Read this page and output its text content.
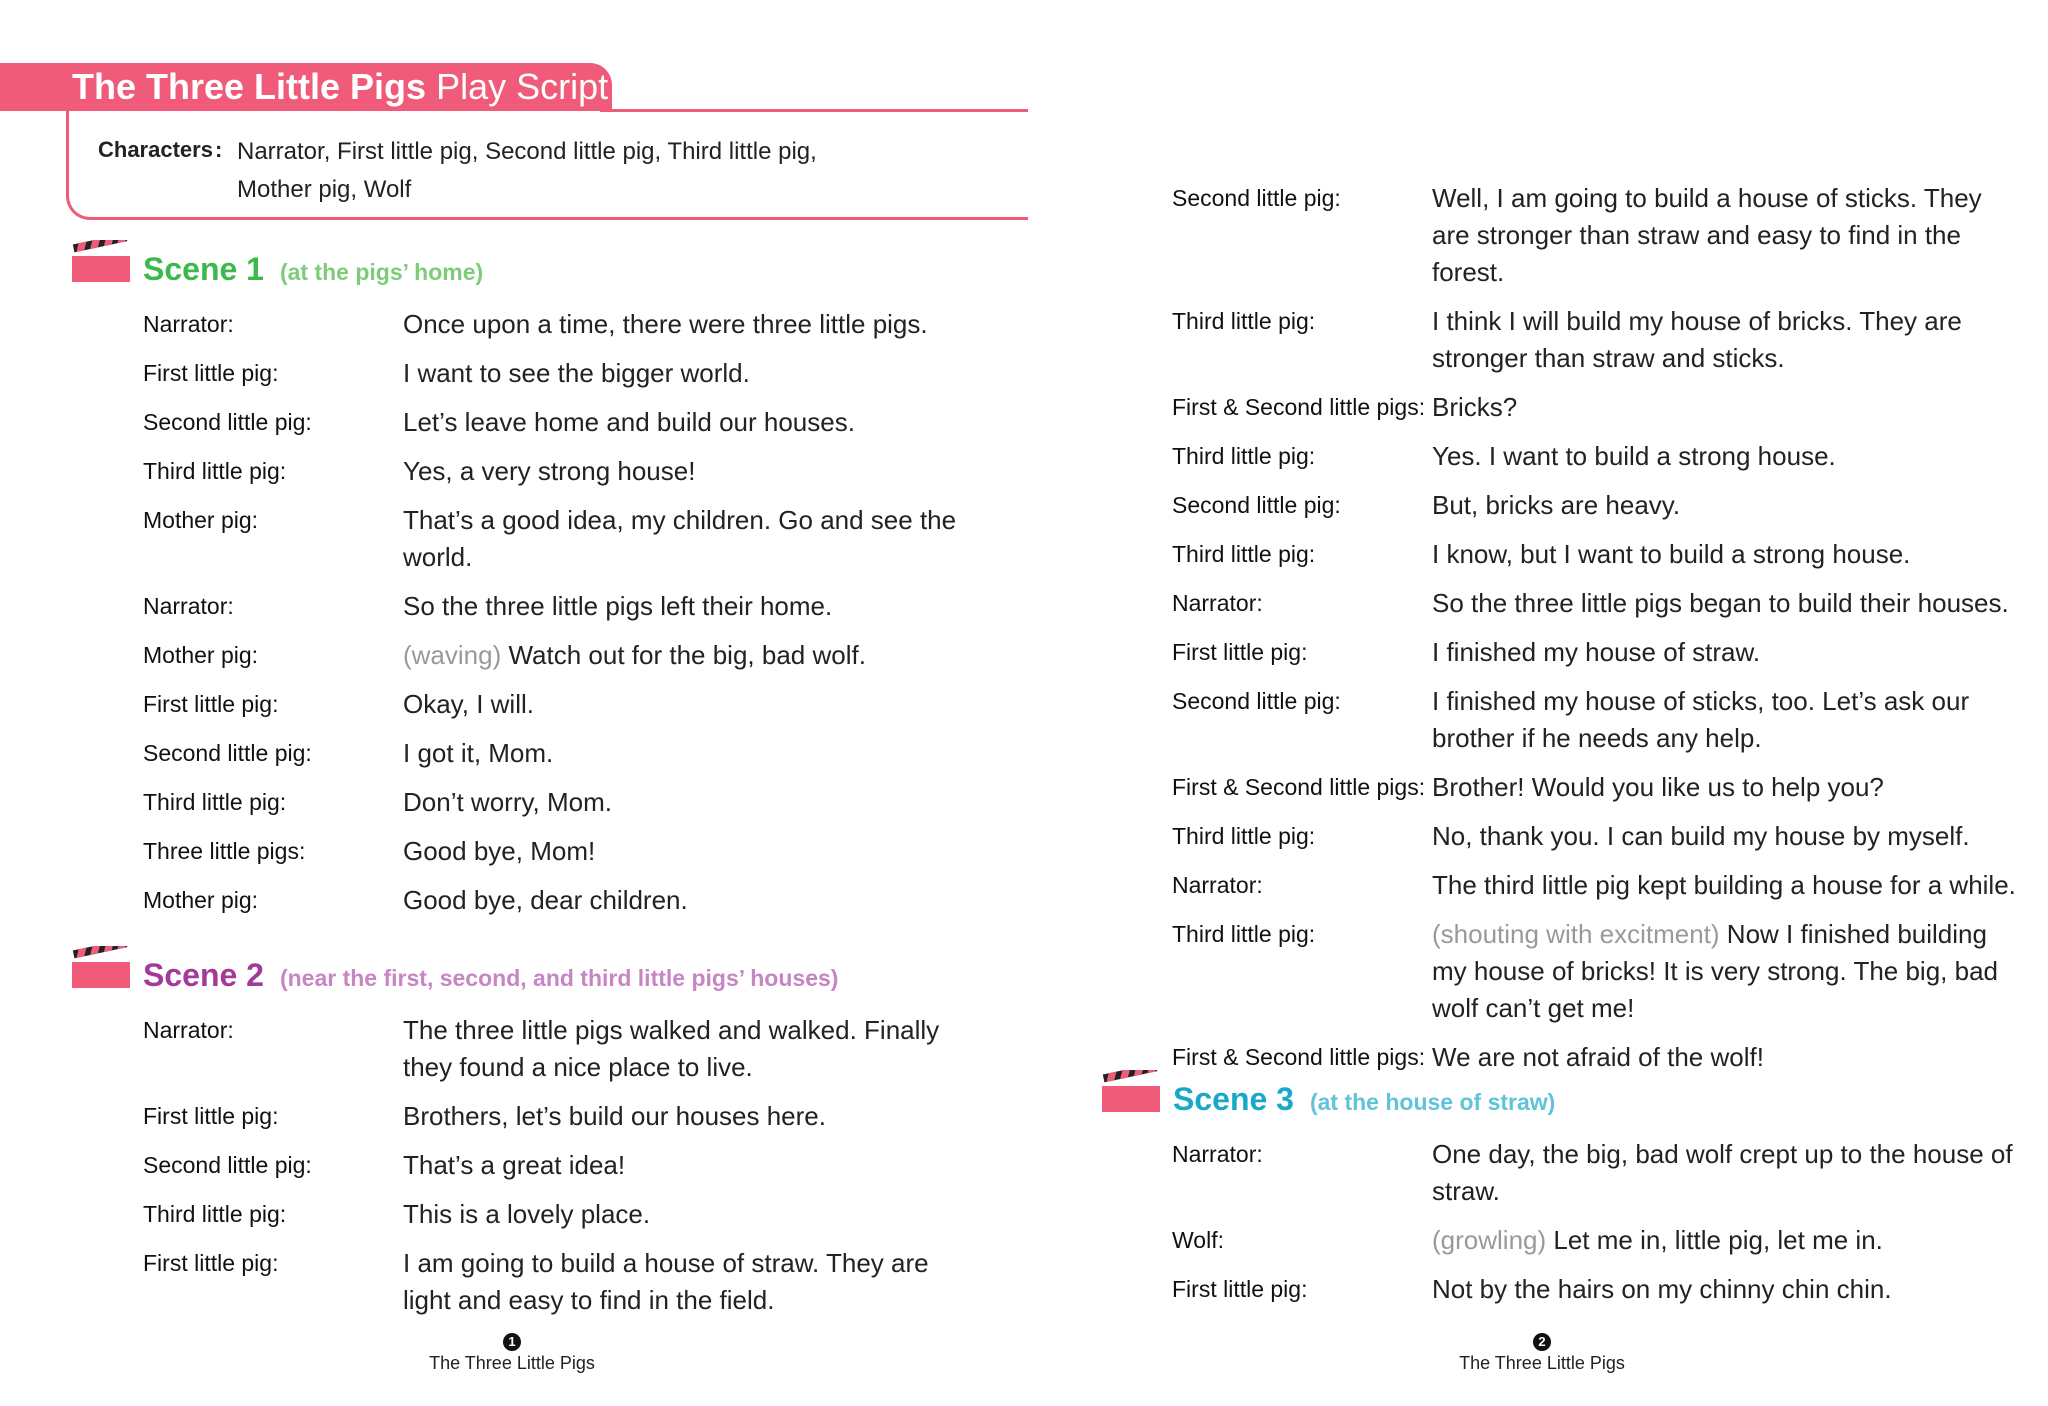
The Three Little Pigs Play Script
Characters : Narrator, First little pig, Second little pig, Third little pig, Mother pig, Wolf
Scene 1 (at the pigs’ home)
Narrator:	Once upon a time, there were three little pigs.
First little pig:	I want to see the bigger world.
Second little pig:	Let’s leave home and build our houses.
Third little pig:	Yes, a very strong house!
Mother pig:	That’s a good idea, my children. Go and see the world.
Narrator:	So the three little pigs left their home.
Mother pig:	(waving) Watch out for the big, bad wolf.
First little pig:	Okay, I will.
Second little pig:	I got it, Mom.
Third little pig:	Don’t worry, Mom.
Three little pigs:	Good bye, Mom!
Mother pig:	Good bye, dear children.
Scene 2 (near the first, second, and third little pigs’ houses)
Narrator:	The three little pigs walked and walked. Finally they found a nice place to live.
First little pig:	Brothers, let’s build our houses here.
Second little pig:	That’s a great idea!
Third little pig:	This is a lovely place.
First little pig:	I am going to build a house of straw. They are light and easy to find in the field.
1
The Three Little Pigs
Second little pig:	Well, I am going to build a house of sticks. They are stronger than straw and easy to find in the forest.
Third little pig:	I think I will build my house of bricks. They are stronger than straw and sticks.
First & Second little pigs: Bricks?
Third little pig:	Yes. I want to build a strong house.
Second little pig:	But, bricks are heavy.
Third little pig:	I know, but I want to build a strong house.
Narrator:	So the three little pigs began to build their houses.
First little pig:	I finished my house of straw.
Second little pig:	I finished my house of sticks, too. Let’s ask our brother if he needs any help.
First & Second little pigs: Brother! Would you like us to help you?
Third little pig:	No, thank you. I can build my house by myself.
Narrator:	The third little pig kept building a house for a while.
Third little pig:	(shouting with excitment) Now I finished building my house of bricks! It is very strong. The big, bad wolf can’t get me!
First & Second little pigs: We are not afraid of the wolf!
Scene 3 (at the house of straw)
Narrator:	One day, the big, bad wolf crept up to the house of straw.
Wolf:	(growling) Let me in, little pig, let me in.
First little pig:	Not by the hairs on my chinny chin chin.
2
The Three Little Pigs
